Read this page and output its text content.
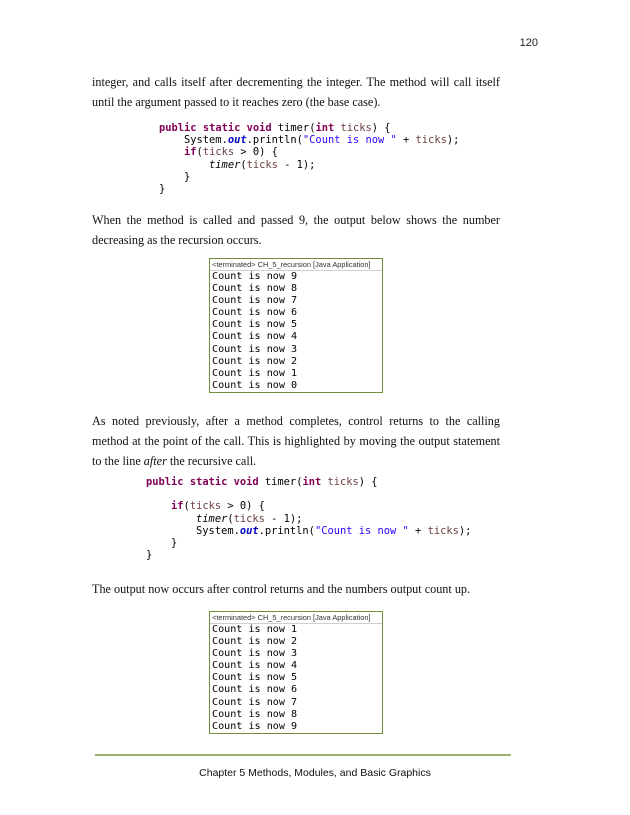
120

integer, and calls itself after decrementing the integer. The method will call itself until the argument passed to it reaches zero (the base case).

public static void timer(int ticks) {
System.out.println("Count is now " + ticks);
if(ticks > 0) {
timer(ticks - 1);
}
}

When the method is called and passed 9, the output below shows the number decreasing as the recursion occurs.

<terminated> CH_5_recursion [Java Application]
Count is now 9
Count is now 8
Count is now 7
Count is now 6
Count is now 5
Count is now 4
Count is now 3
Count is now 2
Count is now 1
Count is now 0

As noted previously, after a method completes, control returns to the calling method at the point of the call. This is highlighted by moving the output statement to the line after the recursive call.

public static void timer(int ticks) {

if(ticks > 0) {
timer(ticks - 1);
System.out.println("Count is now " + ticks);
}
}

The output now occurs after control returns and the numbers output count up.

<terminated> CH_5_recursion [Java Application]
Count is now 1
Count is now 2
Count is now 3
Count is now 4
Count is now 5
Count is now 6
Count is now 7
Count is now 8
Count is now 9
Chapter 5 Methods, Modules, and Basic Graphics
